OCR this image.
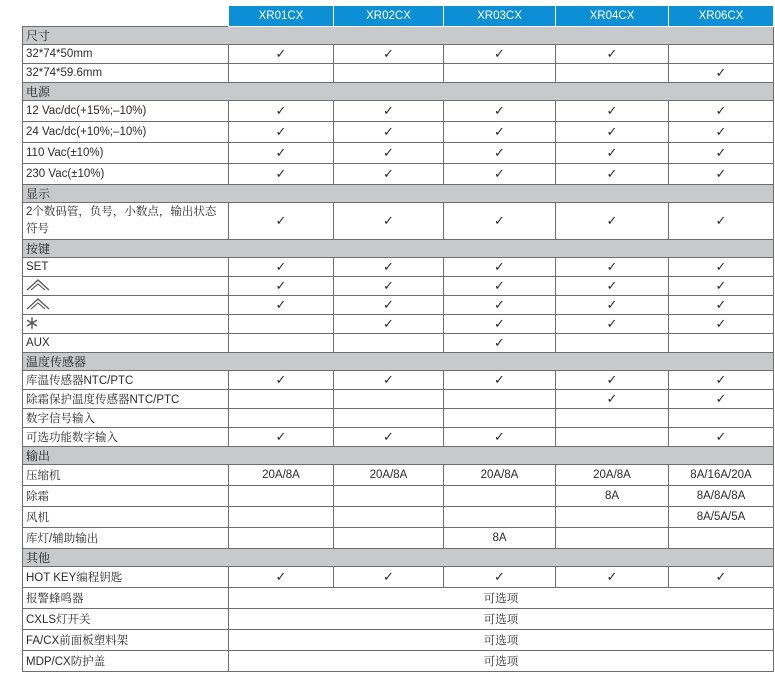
	XR01CX	XR02CX	XR03CX	XR04CX	XR06CX
尺寸					
32*74*50mm	✓	✓	✓	✓	
32*74*59.6mm					✓
电源					
12 Vac/dc(+15%;–10%)	✓	✓	✓	✓	✓
24 Vac/dc(+10%;–10%)	✓	✓	✓	✓	✓
110 Vac(±10%)	✓	✓	✓	✓	✓
230 Vac(±10%)	✓	✓	✓	✓	✓
显示					
2个数码管，负号，小数点，输出状态符号	✓	✓	✓	✓	✓
按键					
SET	✓	✓	✓	✓	✓
	✓	✓	✓	✓	✓
	✓	✓	✓	✓	✓
		✓	✓	✓	✓
AUX			✓		
温度传感器					
库温传感器NTC/PTC	✓	✓	✓	✓	✓
除霜保护温度传感器NTC/PTC				✓	✓
数字信号输入					
可选功能数字输入	✓	✓	✓		✓
输出					
压缩机	20A/8A	20A/8A	20A/8A	20A/8A	8A/16A/20A
除霜				8A	8A/8A/8A
风机					8A/5A/5A
库灯/辅助输出			8A		
其他					
HOT KEY编程钥匙	✓	✓	✓	✓	✓
报警蜂鸣器	可选项				
CXLS灯开关	可选项				
FA/CX前面板塑料架	可选项				
MDP/CX防护盖	可选项				
